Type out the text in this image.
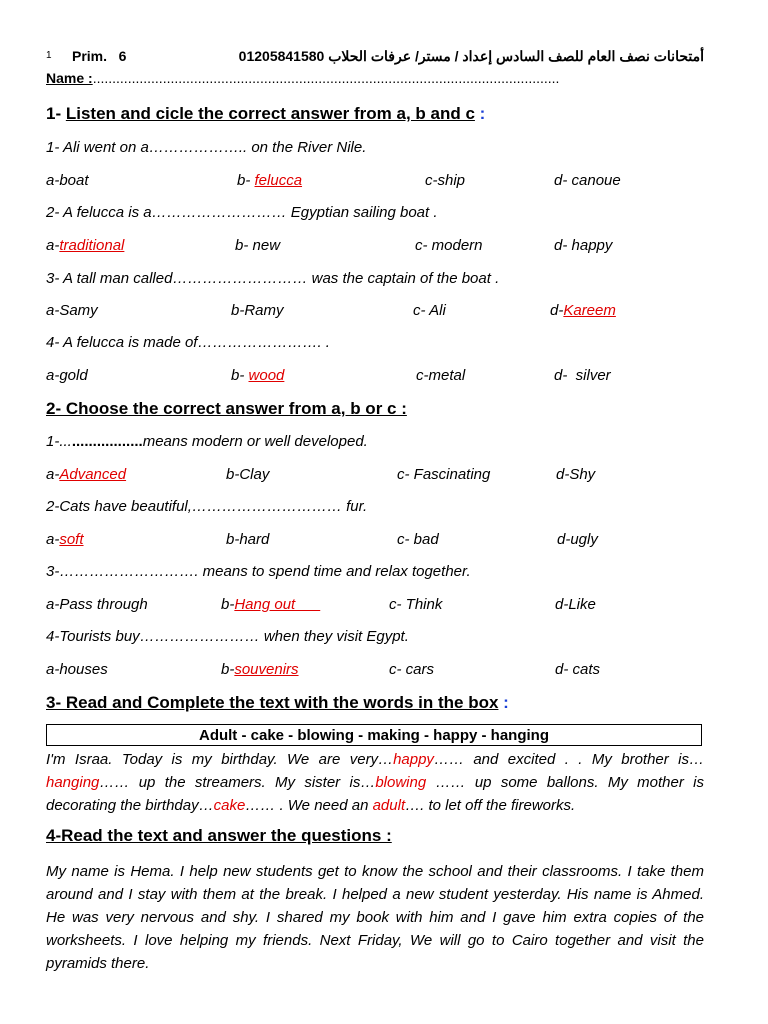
1 Prim.   6	أمتحانات نصف العام للصف السادس إعداد / مستر/ عرفات الحلاب 01205841580
Name :........................................................................................................................
1- Listen and cicle the correct answer from a, b and c :
1- Ali went on a……………….. on the River Nile.
a-boat	b- felucca	c-ship	d- canoue
2- A felucca is a……………………… Egyptian sailing boat .
a-traditional	b- new	c- modern	d- happy
3- A tall man called……………………… was the captain of the boat .
a-Samy	b-Ramy	c- Ali	d-Kareem
4- A felucca is made of……………………. .
a-gold	b- wood	c-metal	d-  silver
2- Choose the correct answer from a, b or c :
1-....................means modern or well developed.
a-Advanced	b-Clay	c- Fascinating	d-Shy
2-Cats have beautiful,………………………… fur.
a-soft	b-hard	c- bad	d-ugly
3-………………………. means to spend time and relax together.
a-Pass through	b-Hang out	c- Think	d-Like
4-Tourists buy…………………… when they visit Egypt.
a-houses	b-souvenirs	c- cars	d- cats
3- Read and Complete the text with the words in the box :
Adult - cake - blowing - making - happy - hanging
I'm Israa. Today is my birthday. We are very…happy…… and excited . . My brother is…hanging…… up the streamers. My sister is…blowing …… up some ballons. My mother is decorating the birthday…cake…… . We need an adult…. to let off the fireworks.
4-Read the text and answer the questions :
My name is Hema. I help new students get to know the school and their classrooms. I take them around and I stay with them at the break. I helped a new student yesterday. His name is Ahmed. He was very nervous and shy. I shared my book with him and I gave him extra copies of the worksheets. I love helping my friends. Next Friday, We will go to Cairo together and visit the pyramids there.
